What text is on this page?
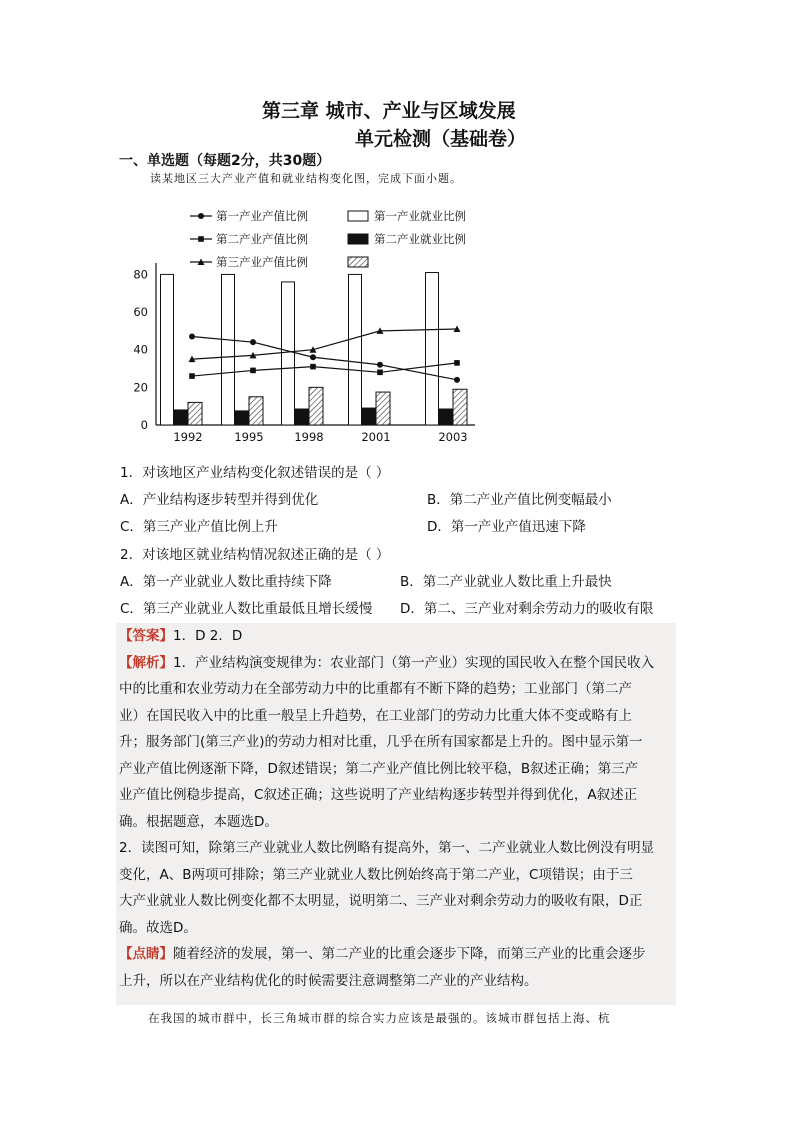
第三章 城市、产业与区域发展
单元检测（基础卷）
一、单选题（每题2分，共30题）
读某地区三大产业产值和就业结构变化图，完成下面小题。
第一产业产值比例
第二产业产值比例
第三产业产值比例
第一产业就业比例
第二产业就业比例
0
20
40
60
80
1992	1995	1998	2001	2003
1．对该地区产业结构变化叙述错误的是（ ）
A．产业结构逐步转型并得到优化	B．第二产业产值比例变幅最小
C．第三产业产值比例上升	D．第一产业产值迅速下降
2．对该地区就业结构情况叙述正确的是（ ）
A．第一产业就业人数比重持续下降	B．第二产业就业人数比重上升最快
C．第三产业就业人数比重最低且增长缓慢 D．第二、三产业对剩余劳动力的吸收有限
【答案】1．D 2．D
【解析】1．产业结构演变规律为：农业部门（第一产业）实现的国民收入在整个国民收入
中的比重和农业劳动力在全部劳动力中的比重都有不断下降的趋势；工业部门（第二产
业）在国民收入中的比重一般呈上升趋势，在工业部门的劳动力比重大体不变或略有上
升；服务部门(第三产业)的劳动力相对比重，几乎在所有国家都是上升的。图中显示第一
产业产值比例逐渐下降，D叙述错误；第二产业产值比例比较平稳，B叙述正确；第三产
业产值比例稳步提高，C叙述正确；这些说明了产业结构逐步转型并得到优化，A叙述正
确。根据题意，本题选D。
2．读图可知，除第三产业就业人数比例略有提高外，第一、二产业就业人数比例没有明显
变化，A、B两项可排除；第三产业就业人数比例始终高于第二产业，C项错误；由于三
大产业就业人数比例变化都不太明显，说明第二、三产业对剩余劳动力的吸收有限，D正
确。故选D。
【点睛】随着经济的发展，第一、第二产业的比重会逐步下降，而第三产业的比重会逐步
上升，所以在产业结构优化的时候需要注意调整第二产业的产业结构。
在我国的城市群中，长三角城市群的综合实力应该是最强的。该城市群包括上海、杭
